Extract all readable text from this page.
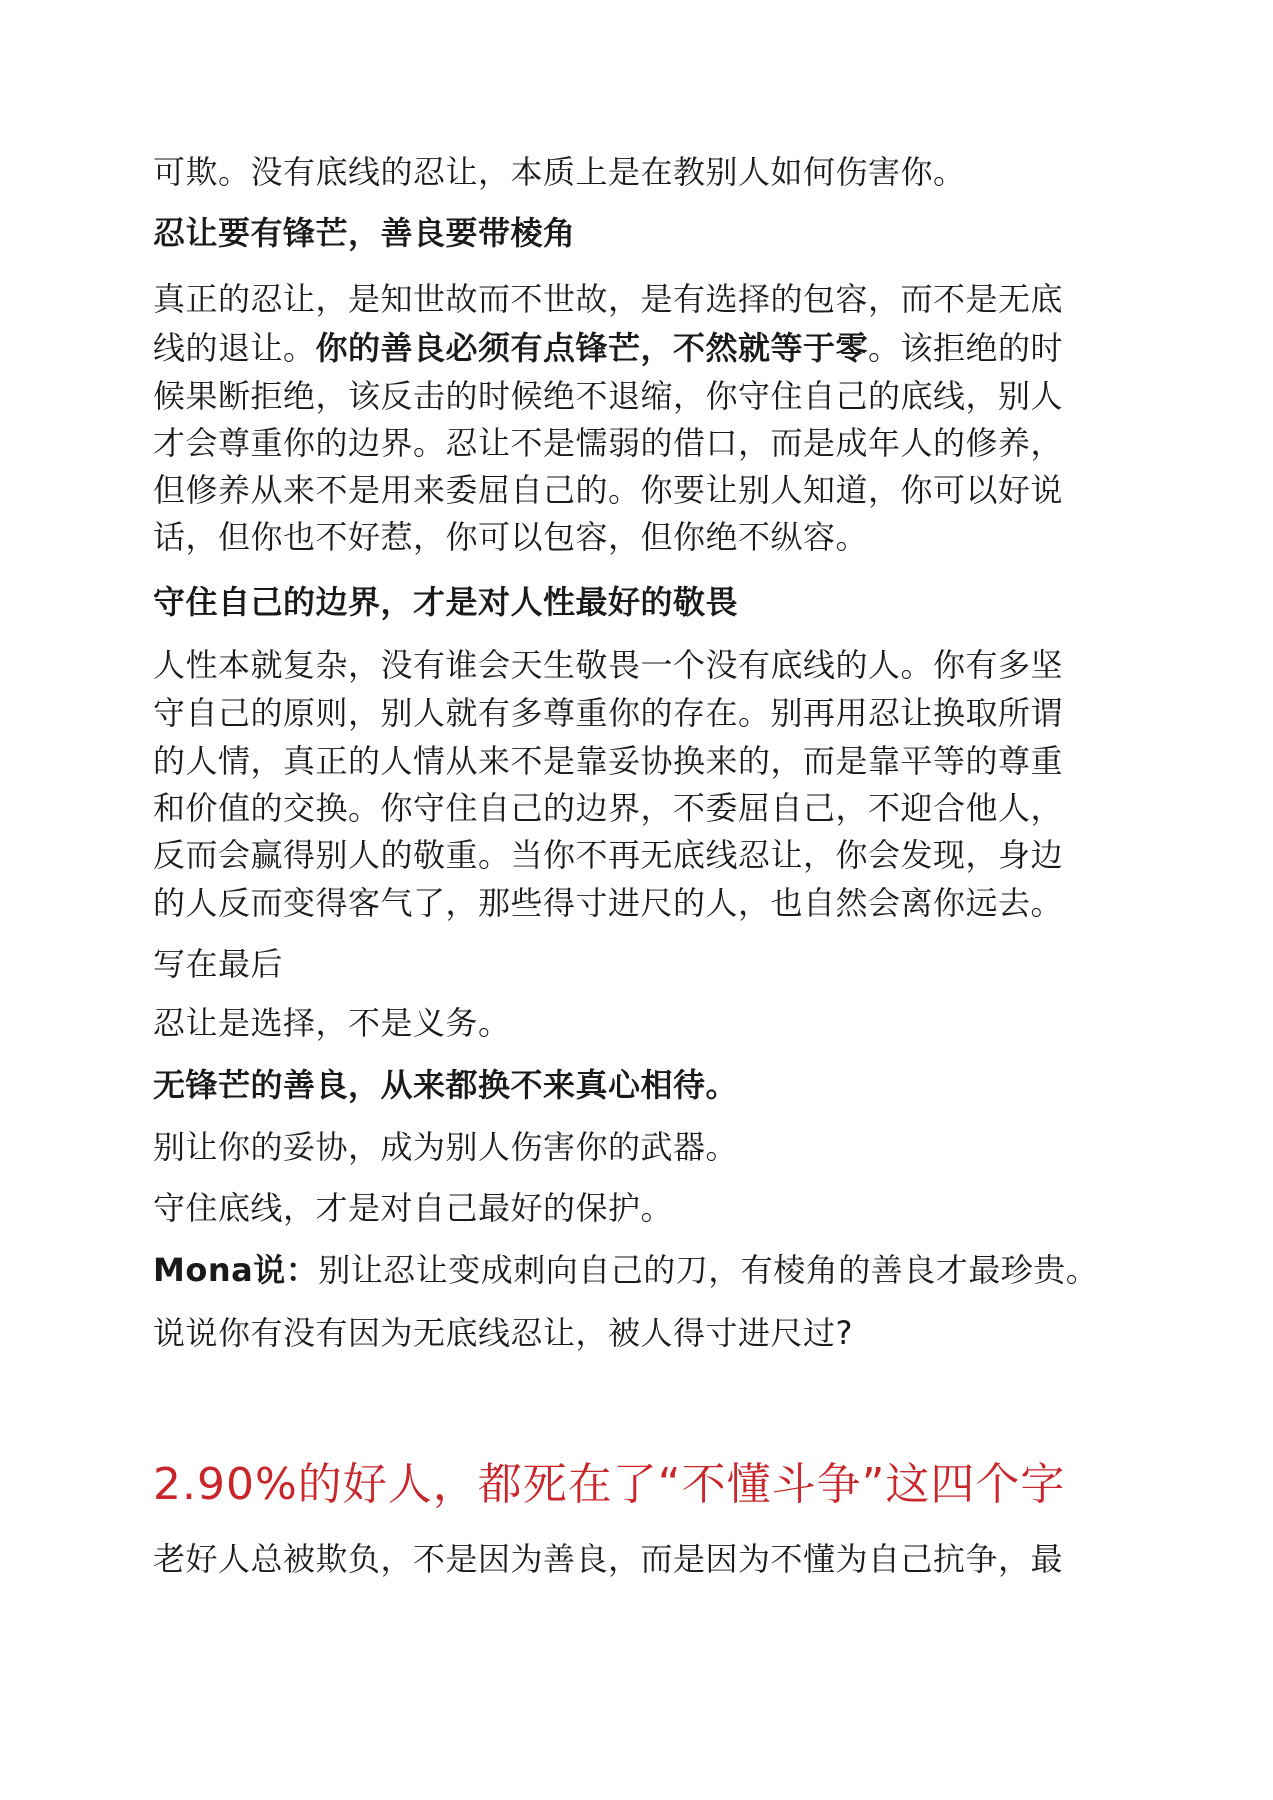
可欺。没有底线的忍让，本质上是在教别人如何伤害你。
忍让要有锋芒，善良要带棱角
真正的忍让，是知世故而不世故，是有选择的包容，而不是无底
线的退让。你的善良必须有点锋芒，不然就等于零。该拒绝的时
候果断拒绝，该反击的时候绝不退缩，你守住自己的底线，别人
才会尊重你的边界。忍让不是懦弱的借口，而是成年人的修养，
但修养从来不是用来委屈自己的。你要让别人知道，你可以好说
话，但你也不好惹，你可以包容，但你绝不纵容。
守住自己的边界，才是对人性最好的敬畏
人性本就复杂，没有谁会天生敬畏一个没有底线的人。你有多坚
守自己的原则，别人就有多尊重你的存在。别再用忍让换取所谓
的人情，真正的人情从来不是靠妥协换来的，而是靠平等的尊重
和价值的交换。你守住自己的边界，不委屈自己，不迎合他人，
反而会赢得别人的敬重。当你不再无底线忍让，你会发现，身边
的人反而变得客气了，那些得寸进尺的人，也自然会离你远去。
写在最后
忍让是选择，不是义务。
无锋芒的善良，从来都换不来真心相待。
别让你的妥协，成为别人伤害你的武器。
守住底线，才是对自己最好的保护。
Mona说：别让忍让变成刺向自己的刀，有棱角的善良才最珍贵。
说说你有没有因为无底线忍让，被人得寸进尺过?
2.90%的好人，都死在了“不懂斗争”这四个字
老好人总被欺负，不是因为善良，而是因为不懂为自己抗争，最
